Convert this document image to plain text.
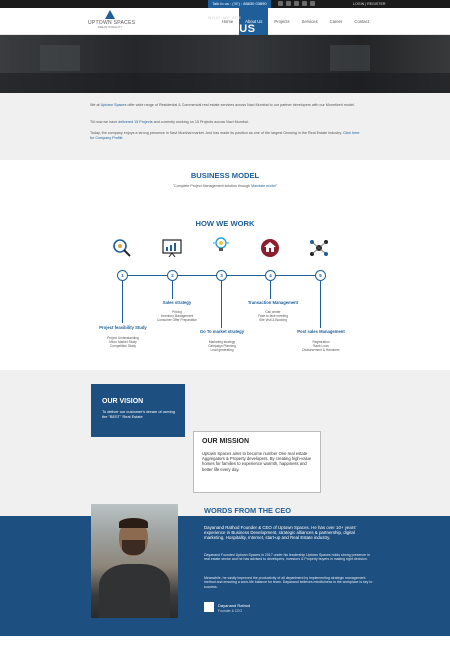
Talk to us : (☏) : 88830 03890	LOGIN | REGISTER
UPTOWN SPACES
DREAM IN REALITY
Home	About Us	Projects	Services	Career	Contact
WHAT WE ARE
ABOUT US

We at Uptown Spaces offer wide range of Residential & Commercial real estate services across Navi Mumbai to our partner developers with our Monetized model.

Till now we have delivered 15 Projects and currently working on 15 Projects across Navi Mumbai.

Today, the company enjoys a strong presence in Navi Mumbai market. And has made its position as one of the largest Growing in the Real Estate Industry. Click here for Company Profile

BUSINESS MODEL
"Complete Project Management solution through Mandate model"
HOW WE WORK
1	2	3	4	5
Project feasibility Study
Project Understanding
Micro Market Study
Competition Study
Sales strategy
Pricing
Inventory Management
Consumer Offer Preparation
Go To market strategy
Marketing strategy
Campaign Planning
Lead generating
Transaction Management
Call center
Face to face meeting
Site Visit & Booking
Post sales Management
Registration
Bank Loan
Disbursement & Handover
OUR VISION
To deliver our customer's dream of owning the "BEST" Real Estate
OUR MISSION
Uptown Spaces aims to become number One real estate Aggregators & Property developers. By creating high-value homes for families to experience warmth, happiness and better life every day.
WORDS FROM THE CEO
Dayanand Rathod Founder & CEO of Uptown Spaces. He has over 10+ years' experience in Business Development, strategic alliances & partnership, digital marketing, Hospitality, Internet, start-up and Real Estate industry.
Dayanand Founded Uptown Spaces in 2017 under his leadership Uptown Spaces holds strong presence in real estate sector and he has advised to developers, investors & Property buyers in making right decision.
Meanwhile, he vastly improved the productivity of all department by implementing strategic management method and ensuring a work-life balance for team. Dayanand believes mindfulness in the workplace is key to success.
Dayanand Rathod
Founder & CEO
